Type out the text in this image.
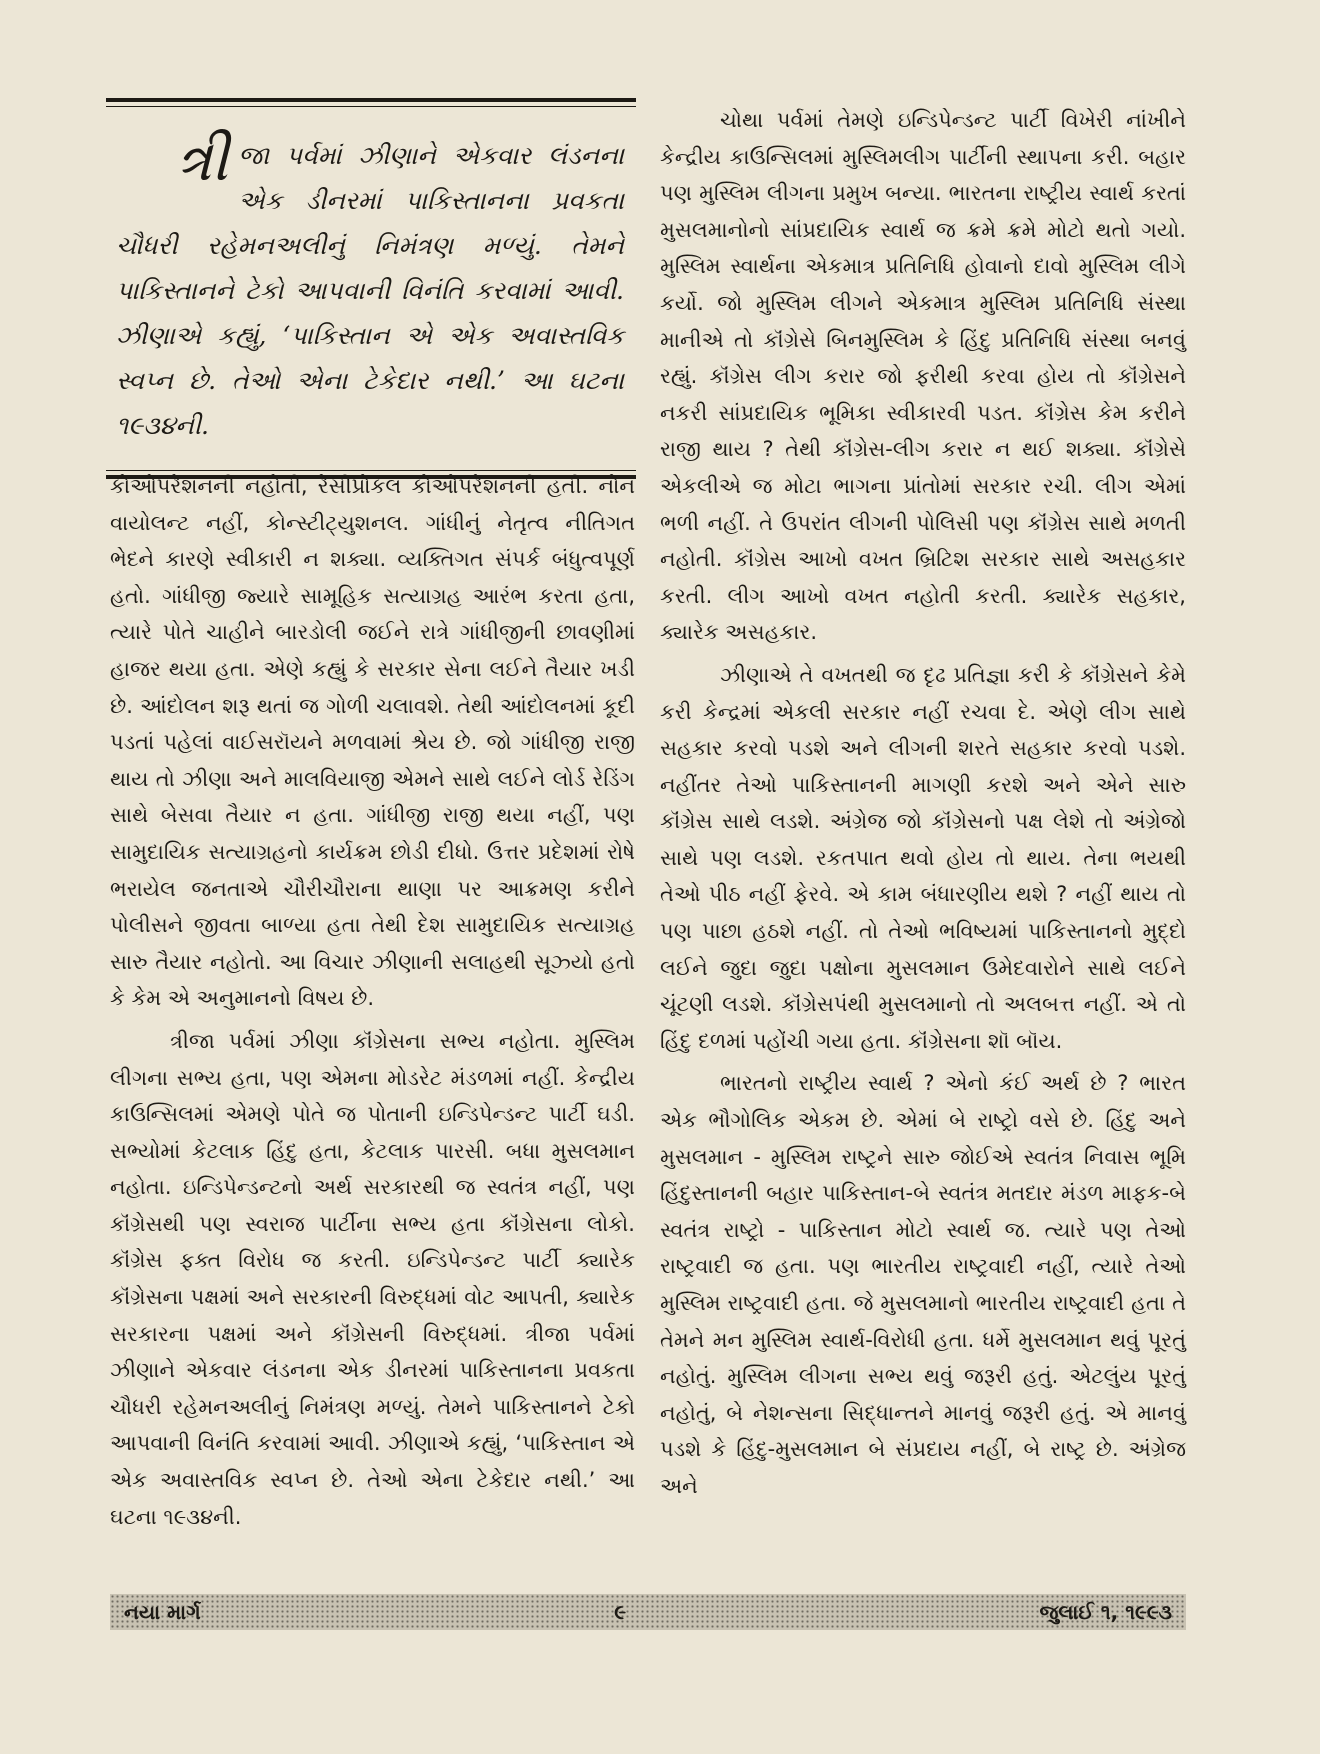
ત્રી જા પર્વમાં ઝીણાને એકવાર લંડનના એક ડીનરમાં પાકિસ્તાનના પ્રવકતા ચૌધરી રહેમનઅલીનું નિમંત્રણ મળ્યું. તેમને પાકિસ્તાનને ટેકો આપવાની વિનંતિ કરવામાં આવી. ઝીણાએ કહ્યું, ‘પાકિસ્તાન એ એક અવાસ્તવિક સ્વપ્ન છે. તેઓ એના ટેકેદાર નથી.’ આ ઘટના ૧૯૩૪ની.

કોઓપરેશનની નહોતી, રેસીપ્રોકલ કોઓપરેશનની હતી. નોન વાયોલન્ટ નહીં, કોન્સ્ટીટ્યુશનલ. ગાંધીનું નેતૃત્વ નીતિગત ભેદને કારણે સ્વીકારી ન શક્યા. વ્યક્તિગત સંપર્ક બંધુત્વપૂર્ણ હતો. ગાંધીજી જ્યારે સામૂહિક સત્યાગ્રહ આરંભ કરતા હતા, ત્યારે પોતે ચાહીને બારડોલી જઈને રાત્રે ગાંધીજીની છાવણીમાં હાજર થયા હતા. એણે કહ્યું કે સરકાર સેના લઈને તૈયાર ખડી છે. આંદોલન શરૂ થતાં જ ગોળી ચલાવશે. તેથી આંદોલનમાં કૂદી પડતાં પહેલાં વાઈસરૉયને મળવામાં શ્રેય છે. જો ગાંધીજી રાજી થાય તો ઝીણા અને માલવિયાજી એમને સાથે લઈને લોર્ડ રેડિંગ સાથે બેસવા તૈયાર ન હતા. ગાંધીજી રાજી થયા નહીં, પણ સામુદાયિક સત્યાગ્રહનો કાર્યક્રમ છોડી દીધો. ઉત્તર પ્રદેશમાં રોષે ભરાયેલ જનતાએ ચૌરીચૌરાના થાણા પર આક્રમણ કરીને પોલીસને જીવતા બાળ્યા હતા તેથી દેશ સામુદાયિક સત્યાગ્રહ સારુ તૈયાર નહોતો. આ વિચાર ઝીણાની સલાહથી સૂઝ્યો હતો કે કેમ એ અનુમાનનો વિષય છે.

ત્રીજા પર્વમાં ઝીણા કૉંગ્રેસના સભ્ય નહોતા. મુસ્લિમ લીગના સભ્ય હતા, પણ એમના મોડરેટ મંડળમાં નહીં. કેન્દ્રીય કાઉન્સિલમાં એમણે પોતે જ પોતાની ઇન્ડિપેન્ડન્ટ પાર્ટી ઘડી. સભ્યોમાં કેટલાક હિંદુ હતા, કેટલાક પારસી. બધા મુસલમાન નહોતા. ઇન્ડિપેન્ડન્ટનો અર્થ સરકારથી જ સ્વતંત્ર નહીં, પણ કૉંગ્રેસથી પણ સ્વરાજ પાર્ટીના સભ્ય હતા કૉંગ્રેસના લોકો. કૉંગ્રેસ ફક્ત વિરોધ જ કરતી. ઇન્ડિપેન્ડન્ટ પાર્ટી ક્યારેક કૉંગ્રેસના પક્ષમાં અને સરકારની વિરુદ્ધમાં વોટ આપતી, ક્યારેક સરકારના પક્ષમાં અને કૉંગ્રેસની વિરુદ્ધમાં. ત્રીજા પર્વમાં ઝીણાને એકવાર લંડનના એક ડીનરમાં પાકિસ્તાનના પ્રવકતા ચૌધરી રહેમનઅલીનું નિમંત્રણ મળ્યું. તેમને પાકિસ્તાનને ટેકો આપવાની વિનંતિ કરવામાં આવી. ઝીણાએ કહ્યું, ‘પાકિસ્તાન એ એક અવાસ્તવિક સ્વપ્ન છે. તેઓ એના ટેકેદાર નથી.’ આ ઘટના ૧૯૩૪ની.

ચોથા પર્વમાં તેમણે ઇન્ડિપેન્ડન્ટ પાર્ટી વિખેરી નાંખીને કેન્દ્રીય કાઉન્સિલમાં મુસ્લિમલીગ પાર્ટીની સ્થાપના કરી. બહાર પણ મુસ્લિમ લીગના પ્રમુખ બન્યા. ભારતના રાષ્ટ્રીય સ્વાર્થ કરતાં મુસલમાનોનો સાંપ્રદાયિક સ્વાર્થ જ ક્રમે ક્રમે મોટો થતો ગયો. મુસ્લિમ સ્વાર્થના એકમાત્ર પ્રતિનિધિ હોવાનો દાવો મુસ્લિમ લીગે કર્યો. જો મુસ્લિમ લીગને એકમાત્ર મુસ્લિમ પ્રતિનિધિ સંસ્થા માનીએ તો કૉંગ્રેસે બિનમુસ્લિમ કે હિંદુ પ્રતિનિધિ સંસ્થા બનવું રહ્યું. કૉંગ્રેસ લીગ કરાર જો ફરીથી કરવા હોય તો કૉંગ્રેસને નકરી સાંપ્રદાયિક ભૂમિકા સ્વીકારવી પડત. કૉંગ્રેસ કેમ કરીને રાજી થાય ? તેથી કૉંગ્રેસ-લીગ કરાર ન થઈ શક્યા. કૉંગ્રેસે એકલીએ જ મોટા ભાગના પ્રાંતોમાં સરકાર રચી. લીગ એમાં ભળી નહીં. તે ઉપરાંત લીગની પોલિસી પણ કૉંગ્રેસ સાથે મળતી નહોતી. કૉંગ્રેસ આખો વખત બ્રિટિશ સરકાર સાથે અસહકાર કરતી. લીગ આખો વખત નહોતી કરતી. ક્યારેક સહકાર, ક્યારેક અસહકાર.

ઝીણાએ તે વખતથી જ દૃઢ પ્રતિજ્ઞા કરી કે કૉંગ્રેસને કેમે કરી કેન્દ્રમાં એકલી સરકાર નહીં રચવા દે. એણે લીગ સાથે સહકાર કરવો પડશે અને લીગની શરતે સહકાર કરવો પડશે. નહીંતર તેઓ પાકિસ્તાનની માગણી કરશે અને એને સારુ કૉંગ્રેસ સાથે લડશે. અંગ્રેજ જો કૉંગ્રેસનો પક્ષ લેશે તો અંગ્રેજો સાથે પણ લડશે. રકતપાત થવો હોય તો થાય. તેના ભયથી તેઓ પીઠ નહીં ફેરવે. એ કામ બંધારણીય થશે ? નહીં થાય તો પણ પાછા હઠશે નહીં. તો તેઓ ભવિષ્યમાં પાકિસ્તાનનો મુદ્દો લઈને જુદા જુદા પક્ષોના મુસલમાન ઉમેદવારોને સાથે લઈને ચૂંટણી લડશે. કૉંગ્રેસપંથી મુસલમાનો તો અલબત્ત નહીં. એ તો હિંદુ દળમાં પહોંચી ગયા હતા. કૉંગ્રેસના શૉ બૉય.

ભારતનો રાષ્ટ્રીય સ્વાર્થ ? એનો કંઈ અર્થ છે ? ભારત એક ભૌગોલિક એકમ છે. એમાં બે રાષ્ટ્રો વસે છે. હિંદુ અને મુસલમાન - મુસ્લિમ રાષ્ટ્રને સારુ જોઈએ સ્વતંત્ર નિવાસ ભૂમિ હિંદુસ્તાનની બહાર પાકિસ્તાન-બે સ્વતંત્ર મતદાર મંડળ માફક-બે સ્વતંત્ર રાષ્ટ્રો - પાકિસ્તાન મોટો સ્વાર્થ જ. ત્યારે પણ તેઓ રાષ્ટ્રવાદી જ હતા. પણ ભારતીય રાષ્ટ્રવાદી નહીં, ત્યારે તેઓ મુસ્લિમ રાષ્ટ્રવાદી હતા. જે મુસલમાનો ભારતીય રાષ્ટ્રવાદી હતા તે તેમને મન મુસ્લિમ સ્વાર્થ-વિરોધી હતા. ધર્મે મુસલમાન થવું પૂરતું નહોતું. મુસ્લિમ લીગના સભ્ય થવું જરૂરી હતું. એટલુંય પૂરતું નહોતું, બે નેશન્સના સિદ્ધાન્તને માનવું જરૂરી હતું. એ માનવું પડશે કે હિંદુ-મુસલમાન બે સંપ્રદાય નહીં, બે રાષ્ટ્ર છે. અંગ્રેજ અને

નયા માર્ગ	૯	જુલાઈ ૧, ૧૯૯૩
